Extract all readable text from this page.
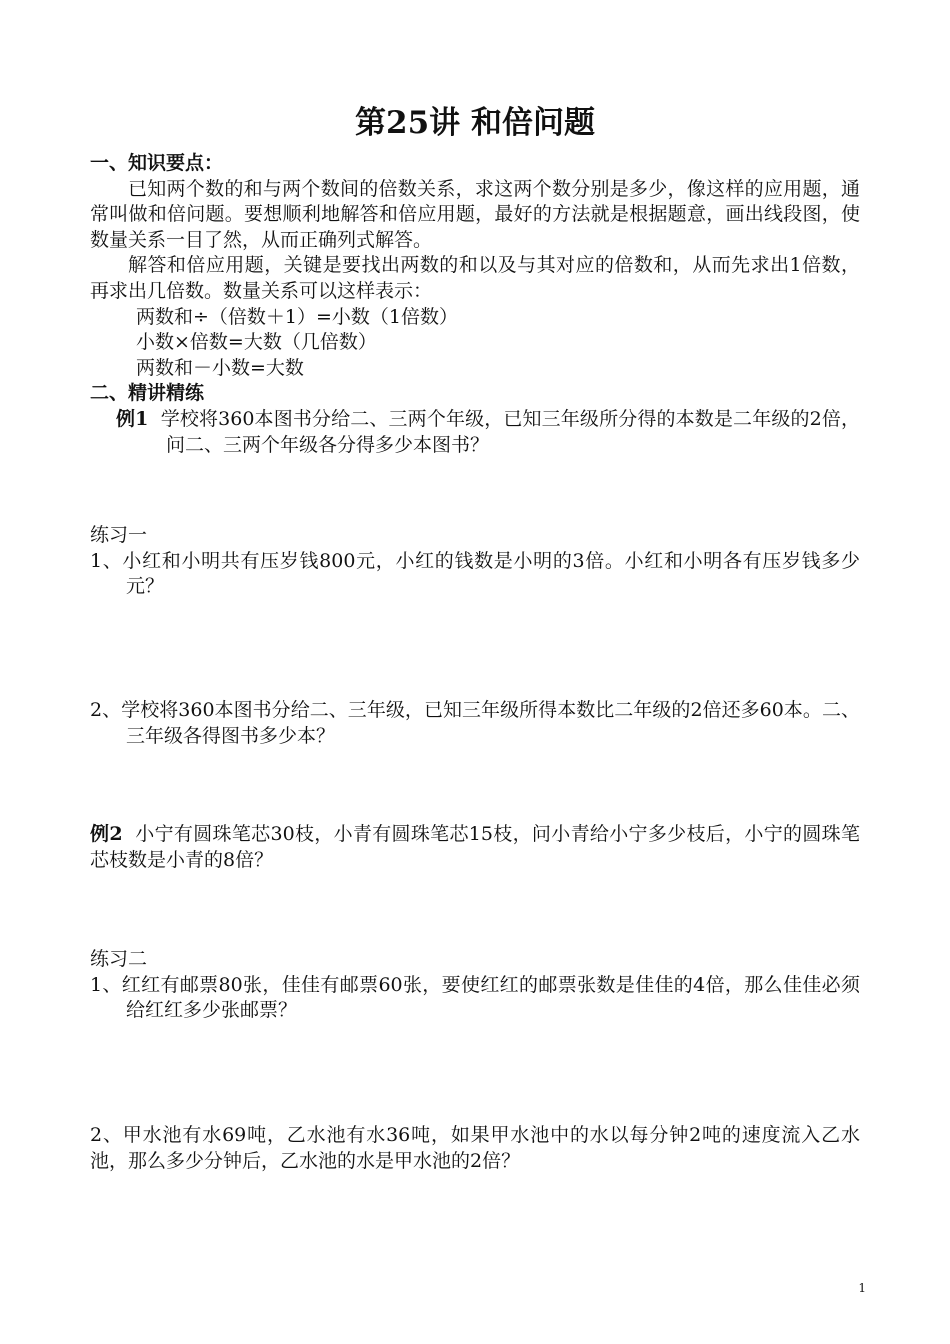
第25讲 和倍问题
一、知识要点：
已知两个数的和与两个数间的倍数关系，求这两个数分别是多少，像这样的应用题，通常叫做和倍问题。要想顺利地解答和倍应用题，最好的方法就是根据题意，画出线段图，使数量关系一目了然，从而正确列式解答。
解答和倍应用题，关键是要找出两数的和以及与其对应的倍数和，从而先求出1倍数，再求出几倍数。数量关系可以这样表示：
两数和÷（倍数＋1）=小数（1倍数）
小数×倍数=大数（几倍数）
两数和－小数=大数
二、精讲精练
例1 学校将360本图书分给二、三两个年级，已知三年级所分得的本数是二年级的2倍，问二、三两个年级各分得多少本图书？
练习一
1、小红和小明共有压岁钱800元，小红的钱数是小明的3倍。小红和小明各有压岁钱多少元？
2、学校将360本图书分给二、三年级，已知三年级所得本数比二年级的2倍还多60本。二、三年级各得图书多少本？
例2 小宁有圆珠笔芯30枝，小青有圆珠笔芯15枝，问小青给小宁多少枝后，小宁的圆珠笔芯枝数是小青的8倍？
练习二
1、红红有邮票80张，佳佳有邮票60张，要使红红的邮票张数是佳佳的4倍，那么佳佳必须给红红多少张邮票？
2、甲水池有水69吨，乙水池有水36吨，如果甲水池中的水以每分钟2吨的速度流入乙水池，那么多少分钟后，乙水池的水是甲水池的2倍？
1
